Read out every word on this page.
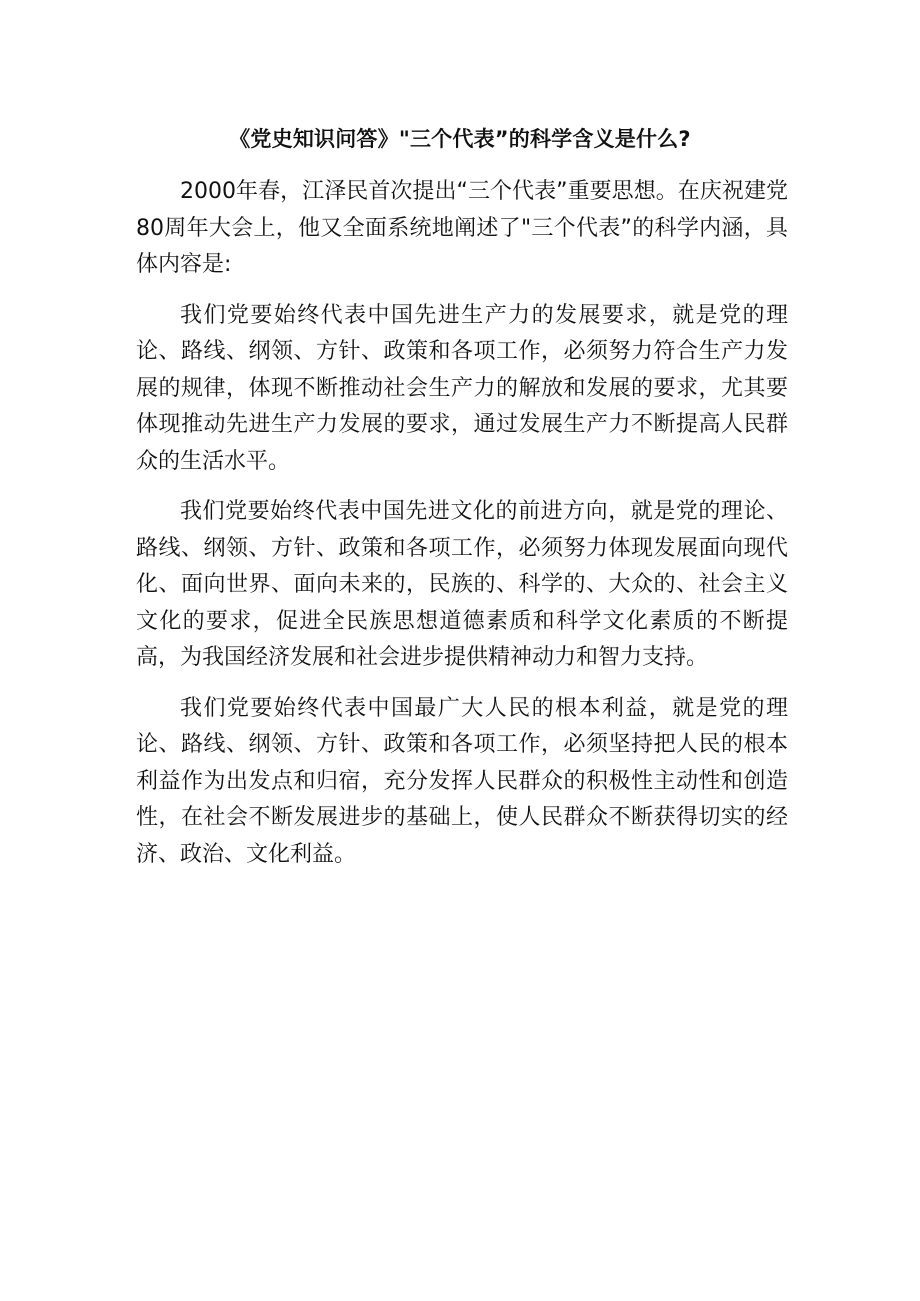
《党史知识问答》"三个代表”的科学含义是什么?

2000年春，江泽民首次提出“三个代表”重要思想。在庆祝建党80周年大会上，他又全面系统地阐述了"三个代表”的科学内涵，具体内容是:

我们党要始终代表中国先进生产力的发展要求，就是党的理论、路线、纲领、方针、政策和各项工作，必须努力符合生产力发展的规律，体现不断推动社会生产力的解放和发展的要求，尤其要体现推动先进生产力发展的要求，通过发展生产力不断提高人民群众的生活水平。

我们党要始终代表中国先进文化的前进方向，就是党的理论、路线、纲领、方针、政策和各项工作，必须努力体现发展面向现代化、面向世界、面向未来的，民族的、科学的、大众的、社会主义文化的要求，促进全民族思想道德素质和科学文化素质的不断提高，为我国经济发展和社会进步提供精神动力和智力支持。

我们党要始终代表中国最广大人民的根本利益，就是党的理论、路线、纲领、方针、政策和各项工作，必须坚持把人民的根本利益作为出发点和归宿，充分发挥人民群众的积极性主动性和创造性，在社会不断发展进步的基础上，使人民群众不断获得切实的经济、政治、文化利益。
